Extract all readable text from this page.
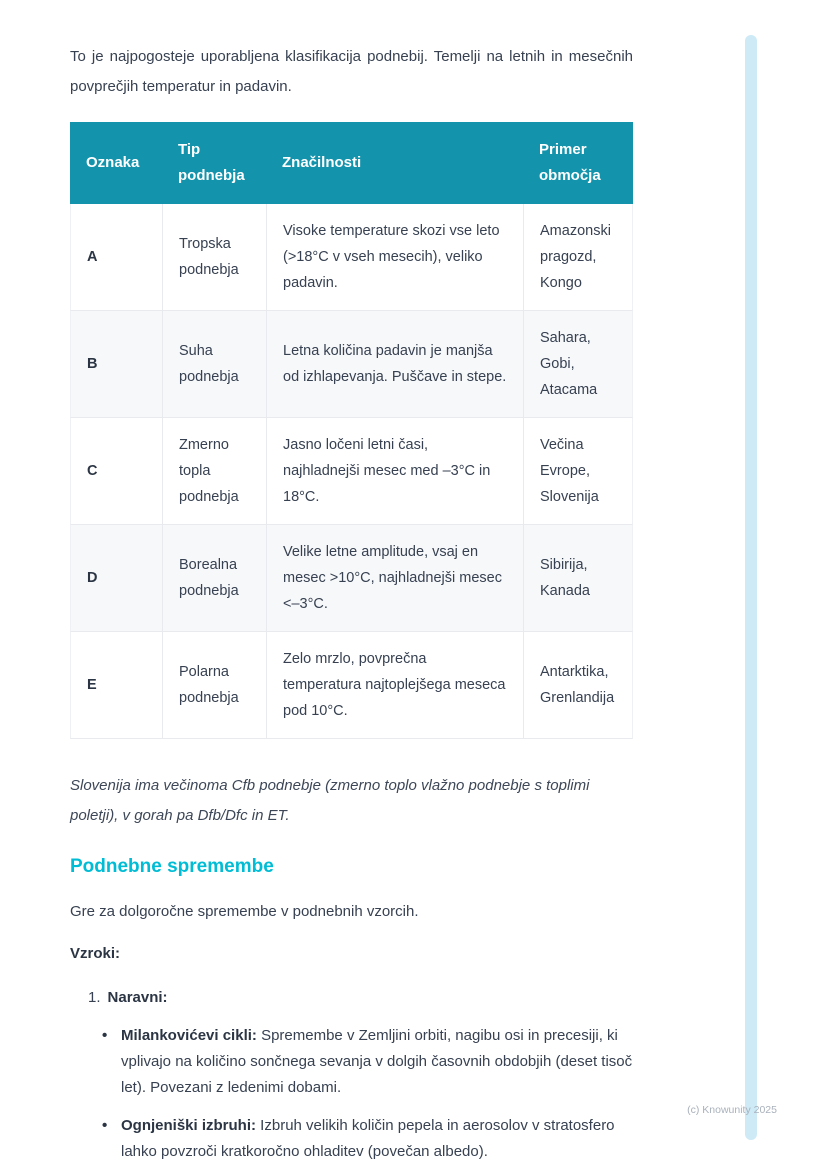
To je najpogosteje uporabljena klasifikacija podnebij. Temelji na letnih in mesečnih povprečjih temperatur in padavin.

Oznaka
Tip podnebja
Značilnosti
Primer območja
A
Tropska podnebja
Visoke temperature skozi vse leto (>18°C v vseh mesecih), veliko padavin.
Amazonski pragozd, Kongo
B
Suha podnebja
Letna količina padavin je manjša od izhlapevanja. Puščave in stepe.
Sahara, Gobi, Atacama
C
Zmerno topla podnebja
Jasno ločeni letni časi, najhladnejši mesec med –3°C in 18°C.
Večina Evrope, Slovenija
D
Borealna podnebja
Velike letne amplitude, vsaj en mesec >10°C, najhladnejši mesec <–3°C.
Sibirija, Kanada
E
Polarna podnebja
Zelo mrzlo, povprečna temperatura najtoplejšega meseca pod 10°C.
Antarktika, Grenlandija

Slovenija ima večinoma Cfb podnebje (zmerno toplo vlažno podnebje s toplimi poletji), v gorah pa Dfb/Dfc in ET.

Podnebne spremembe

Gre za dolgoročne spremembe v podnebnih vzorcih.

Vzroki:

1. Naravni:
•
Milankovićevi cikli: Spremembe v Zemljini orbiti, nagibu osi in precesiji, ki vplivajo na količino sončnega sevanja v dolgih časovnih obdobjih (deset tisoč let). Povezani z ledenimi dobami.
•
Ognjeniški izbruhi: Izbruh velikih količin pepela in aerosolov v stratosfero lahko povzroči kratkoročno ohladitev (povečan albedo).
(c) Knowunity 2025
